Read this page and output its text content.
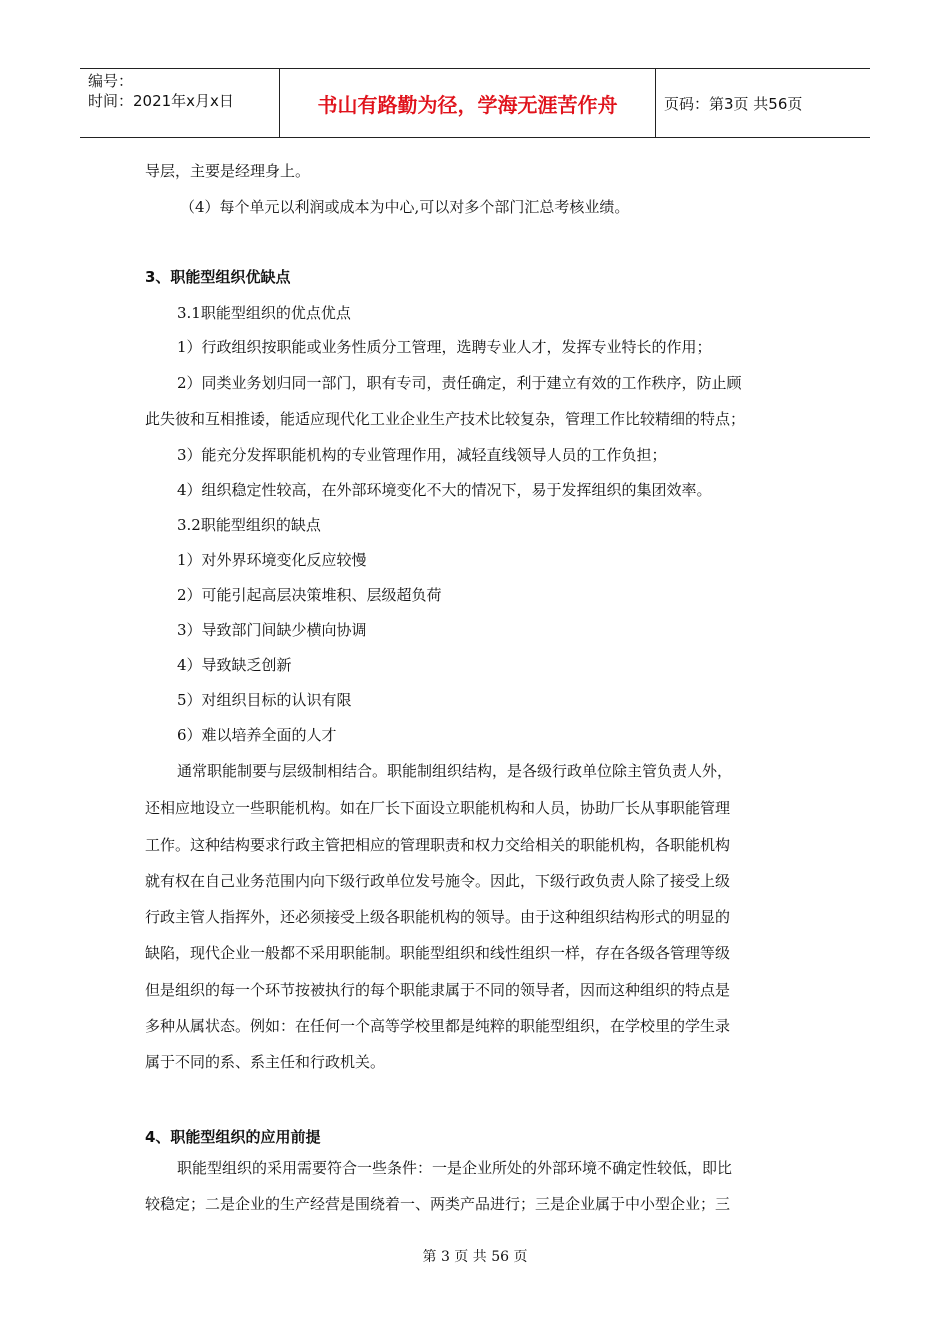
编号：
时间：2021年x月x日	书山有路勤为径，学海无涯苦作舟	页码：第3页 共56页
导层，主要是经理身上。
（4）每个单元以利润或成本为中心,可以对多个部门汇总考核业绩。
3、职能型组织优缺点
3.1职能型组织的优点优点
1）行政组织按职能或业务性质分工管理，选聘专业人才，发挥专业特长的作用；
2）同类业务划归同一部门，职有专司，责任确定，利于建立有效的工作秩序，防止顾
此失彼和互相推诿，能适应现代化工业企业生产技术比较复杂，管理工作比较精细的特点；
3）能充分发挥职能机构的专业管理作用，减轻直线领导人员的工作负担；
4）组织稳定性较高，在外部环境变化不大的情况下，易于发挥组织的集团效率。
3.2职能型组织的缺点
1）对外界环境变化反应较慢
2）可能引起高层决策堆积、层级超负荷
3）导致部门间缺少横向协调
4）导致缺乏创新
5）对组织目标的认识有限
6）难以培养全面的人才
通常职能制要与层级制相结合。职能制组织结构，是各级行政单位除主管负责人外，
还相应地设立一些职能机构。如在厂长下面设立职能机构和人员，协助厂长从事职能管理
工作。这种结构要求行政主管把相应的管理职责和权力交给相关的职能机构，各职能机构
就有权在自己业务范围内向下级行政单位发号施令。因此，下级行政负责人除了接受上级
行政主管人指挥外，还必须接受上级各职能机构的领导。由于这种组织结构形式的明显的
缺陷，现代企业一般都不采用职能制。职能型组织和线性组织一样，存在各级各管理等级
但是组织的每一个环节按被执行的每个职能隶属于不同的领导者，因而这种组织的特点是
多种从属状态。例如：在任何一个高等学校里都是纯粹的职能型组织，在学校里的学生录
属于不同的系、系主任和行政机关。
4、职能型组织的应用前提
职能型组织的采用需要符合一些条件：一是企业所处的外部环境不确定性较低，即比
较稳定；二是企业的生产经营是围绕着一、两类产品进行；三是企业属于中小型企业；三
第 3 页 共 56 页
